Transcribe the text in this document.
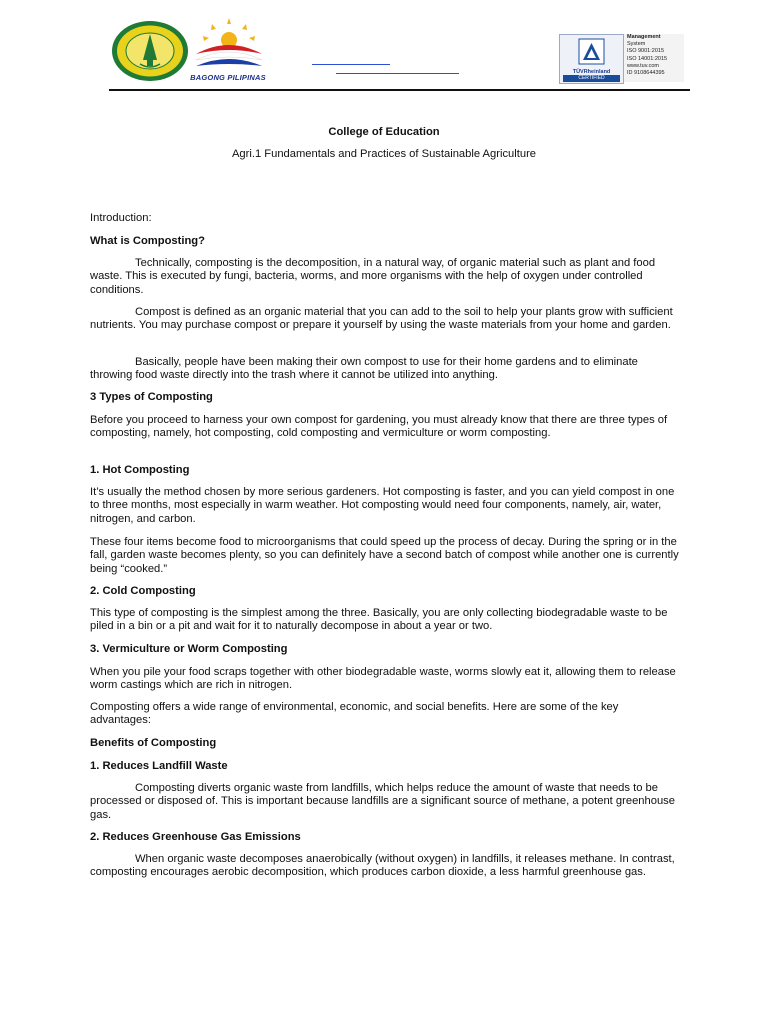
BAGONG PILIPINAS
TÜVRheinland
CERTIFIED
Management
System
ISO 9001:2015
ISO 14001:2015
www.tuv.com
ID 9108644395
College of Education
Agri.1 Fundamentals and Practices of Sustainable Agriculture

Introduction:

What is Composting?

Technically, composting is the decomposition, in a natural way, of organic material such as plant and food waste. This is executed by fungi, bacteria, worms, and more organisms with the help of oxygen under controlled conditions.

Compost is defined as an organic material that you can add to the soil to help your plants grow with sufficient nutrients. You may purchase compost or prepare it yourself by using the waste materials from your home and garden.

Basically, people have been making their own compost to use for their home gardens and to eliminate throwing food waste directly into the trash where it cannot be utilized into anything.

3 Types of Composting

Before you proceed to harness your own compost for gardening, you must already know that there are three types of composting, namely, hot composting, cold composting and vermiculture or worm composting.

1. Hot Composting

It’s usually the method chosen by more serious gardeners. Hot composting is faster, and you can yield compost in one to three months, most especially in warm weather. Hot composting would need four components, namely, air, water, nitrogen, and carbon.

These four items become food to microorganisms that could speed up the process of decay. During the spring or in the fall, garden waste becomes plenty, so you can definitely have a second batch of compost while another one is currently being “cooked.”

2. Cold Composting

This type of composting is the simplest among the three. Basically, you are only collecting biodegradable waste to be piled in a bin or a pit and wait for it to naturally decompose in about a year or two.

3. Vermiculture or Worm Composting

When you pile your food scraps together with other biodegradable waste, worms slowly eat it, allowing them to release worm castings which are rich in nitrogen.

Composting offers a wide range of environmental, economic, and social benefits. Here are some of the key advantages:

Benefits of Composting

1. Reduces Landfill Waste

Composting diverts organic waste from landfills, which helps reduce the amount of waste that needs to be processed or disposed of. This is important because landfills are a significant source of methane, a potent greenhouse gas.

2. Reduces Greenhouse Gas Emissions

When organic waste decomposes anaerobically (without oxygen) in landfills, it releases methane. In contrast, composting encourages aerobic decomposition, which produces carbon dioxide, a less harmful greenhouse gas.
